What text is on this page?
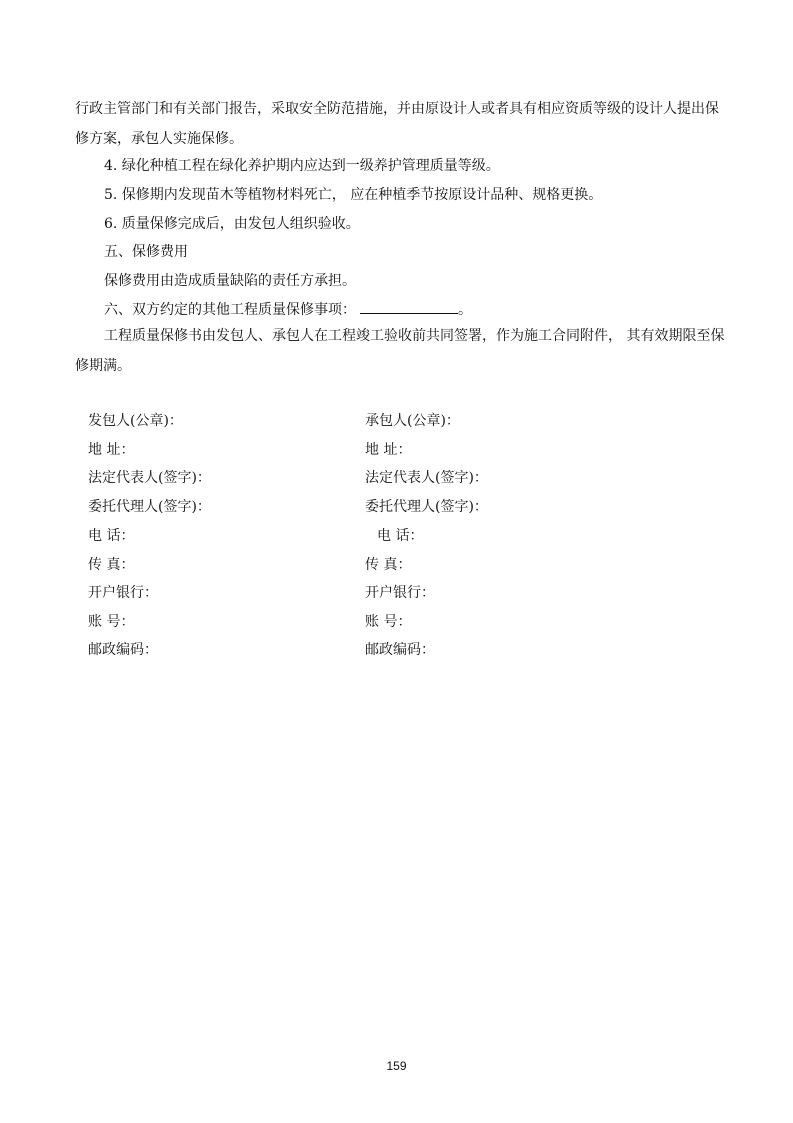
行政主管部门和有关部门报告，采取安全防范措施，并由原设计人或者具有相应资质等级的设计人提出保修方案，承包人实施保修。
4. 绿化种植工程在绿化养护期内应达到一级养护管理质量等级。
5. 保修期内发现苗木等植物材料死亡， 应在种植季节按原设计品种、规格更换。
6. 质量保修完成后，由发包人组织验收。
五、保修费用
保修费用由造成质量缺陷的责任方承担。
六、双方约定的其他工程质量保修事项：	。
工程质量保修书由发包人、承包人在工程竣工验收前共同签署，作为施工合同附件， 其有效期限至保修期满。
发包人(公章)：
地 址：
法定代表人(签字)：
委托代理人(签字)：
电 话：
传 真：
开户银行：
账 号：
邮政编码：
承包人(公章)：
地 址：
法定代表人(签字)：
委托代理人(签字)：
电 话：
传 真：
开户银行：
账 号：
邮政编码：
159
